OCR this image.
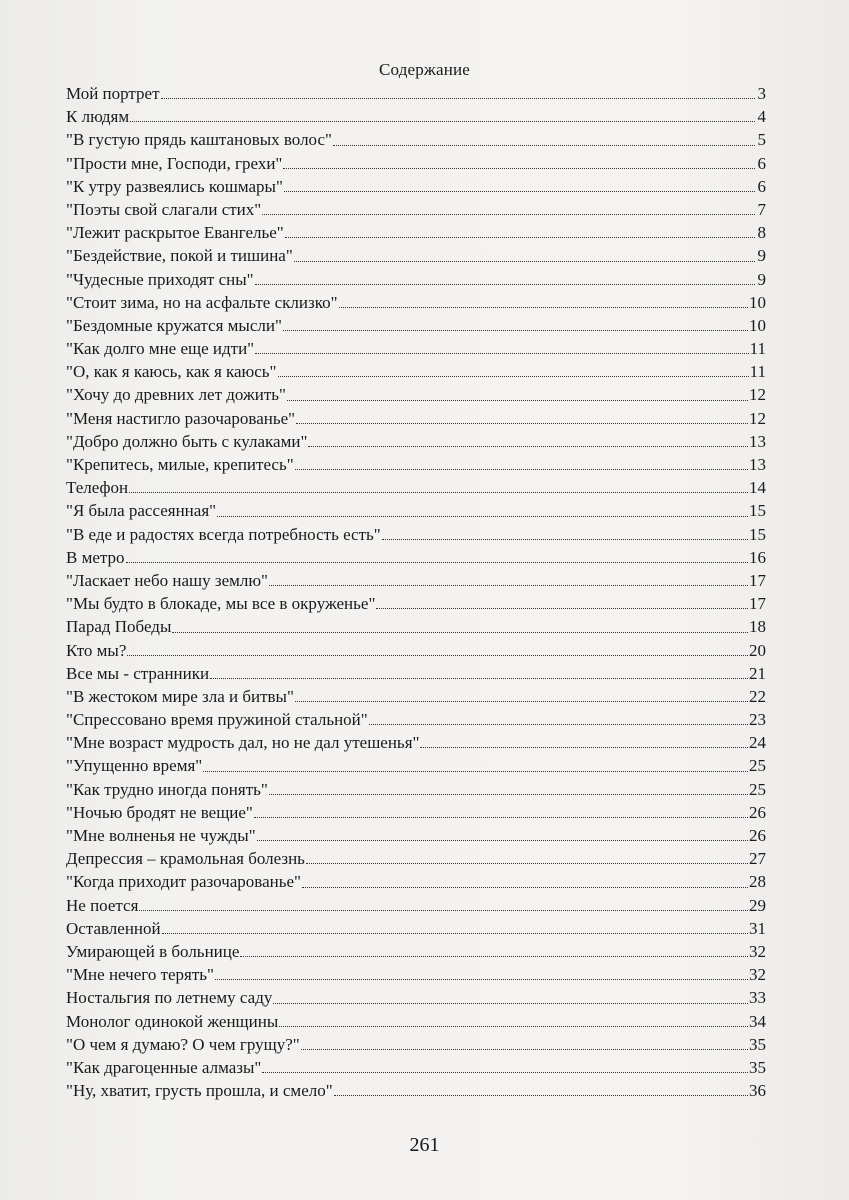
Содержание
Мой портрет	3
К людям	4
"В густую прядь каштановых волос"	5
"Прости мне, Господи, грехи"	6
"К утру развеялись кошмары"	6
"Поэты свой слагали стих"	7
"Лежит раскрытое Евангелье"	8
"Бездействие, покой и тишина"	9
"Чудесные приходят сны"	9
"Стоит зима, но на асфальте склизко"	10
"Бездомные кружатся мысли"	10
"Как долго мне еще идти"	11
"О, как я каюсь, как я каюсь"	11
"Хочу до древних лет дожить"	12
"Меня настигло разочарованье"	12
"Добро должно быть с кулаками"	13
"Крепитесь, милые, крепитесь"	13
Телефон	14
"Я была рассеянная"	15
"В еде и радостях всегда потребность есть"	15
В метро	16
"Ласкает небо нашу землю"	17
"Мы будто в блокаде, мы все в окруженье"	17
Парад Победы	18
Кто мы?	20
Все мы - странники	21
"В жестоком мире зла и битвы"	22
"Спрессовано время пружиной стальной"	23
"Мне возраст мудрость дал, но не дал утешенья"	24
"Упущенно время"	25
"Как трудно иногда понять"	25
"Ночью бродят не вещие"	26
"Мне волненья не чужды"	26
Депрессия – крамольная болезнь	27
"Когда приходит разочарованье"	28
Не поется	29
Оставленной	31
Умирающей в больнице	32
"Мне нечего терять"	32
Ностальгия по летнему саду	33
Монолог одинокой женщины	34
"О чем я думаю? О чем грущу?"	35
"Как драгоценные алмазы"	35
"Ну, хватит, грусть прошла, и смело"	36
261
